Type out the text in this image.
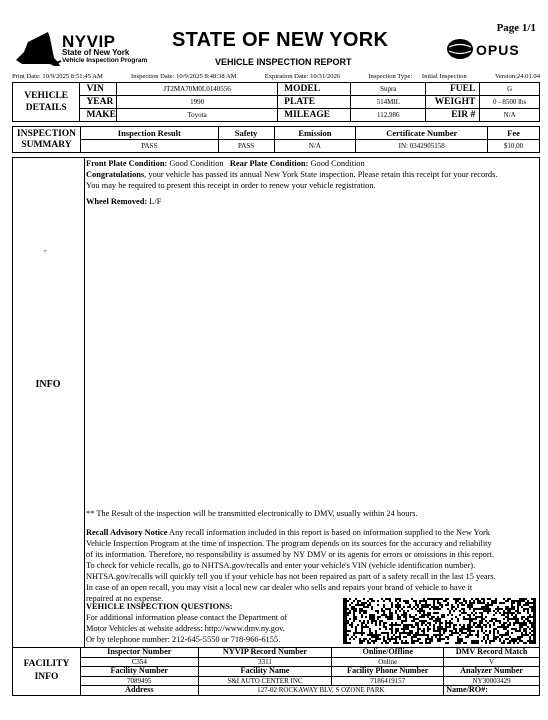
Page 1/1
NYVIP
State of New York
Vehicle Inspection Program
STATE OF NEW YORK
VEHICLE INSPECTION REPORT
OPUS
Print Date: 10/9/2025 8:51:45 AM	Inspection Date: 10/9/2025 8:48:38 AM	Expiration Date: 10/31/2026	Inspection Type: Initial Inspection	Version:24.01.04
VEHICLE DETAILS	VIN	JT2MA70M0L0140556	MODEL	Supra	FUEL	G
	YEAR	1990	PLATE	514MIL	WEIGHT	0 - 8500 lbs
	MAKE	Toyota	MILEAGE	112,986	EIR #	N/A
INSPECTION SUMMARY	Inspection Result	Safety	Emission	Certificate Number	Fee
	PASS	PASS	N/A	IN: 0342905158	$10.00
INFO
•
Front Plate Condition: Good Condition Rear Plate Condition: Good Condition
Congratulations, your vehicle has passed its annual New York State inspection. Please retain this receipt for your records.
You may be required to present this receipt in order to renew your vehicle registration.
Wheel Removed: L/F
** The Result of the inspection will be transmitted electronically to DMV, usually within 24 hours.
Recall Advisory Notice Any recall information included in this report is based on information supplied to the New York
Vehicle Inspection Program at the time of inspection. The program depends on its sources for the accuracy and reliability
of its information. Therefore, no responsibility is assumed by NY DMV or its agents for errors or omissions in this report.
To check for vehicle recalls, go to NHTSA.gov/recalls and enter your vehicle's VIN (vehicle identification number).
NHTSA.gov/recalls will quickly tell you if your vehicle has not been repaired as part of a safety recall in the last 15 years.
In case of an open recall, you may visit a local new car dealer who sells and repairs your brand of vehicle to have it
repaired at no expense.
VEHICLE INSPECTION QUESTIONS:
For additional information please contact the Department of
Motor Vehicles at website address: http://www.dmv.ny.gov.
Or by telephone number: 212-645-5550 or 718-966-6155.
FACILITY INFO	Inspector Number	NYVIP Record Number	Online/Offline	DMV Record Match
	C354	3311	Online	V
	Facility Number	Facility Name	Facility Phone Number	Analyzer Number
	7089495	S&I AUTO CENTER INC	7186419157	NY30003429
	Address	127-02 ROCKAWAY BLV, S OZONE PARK		Name/RO#:
